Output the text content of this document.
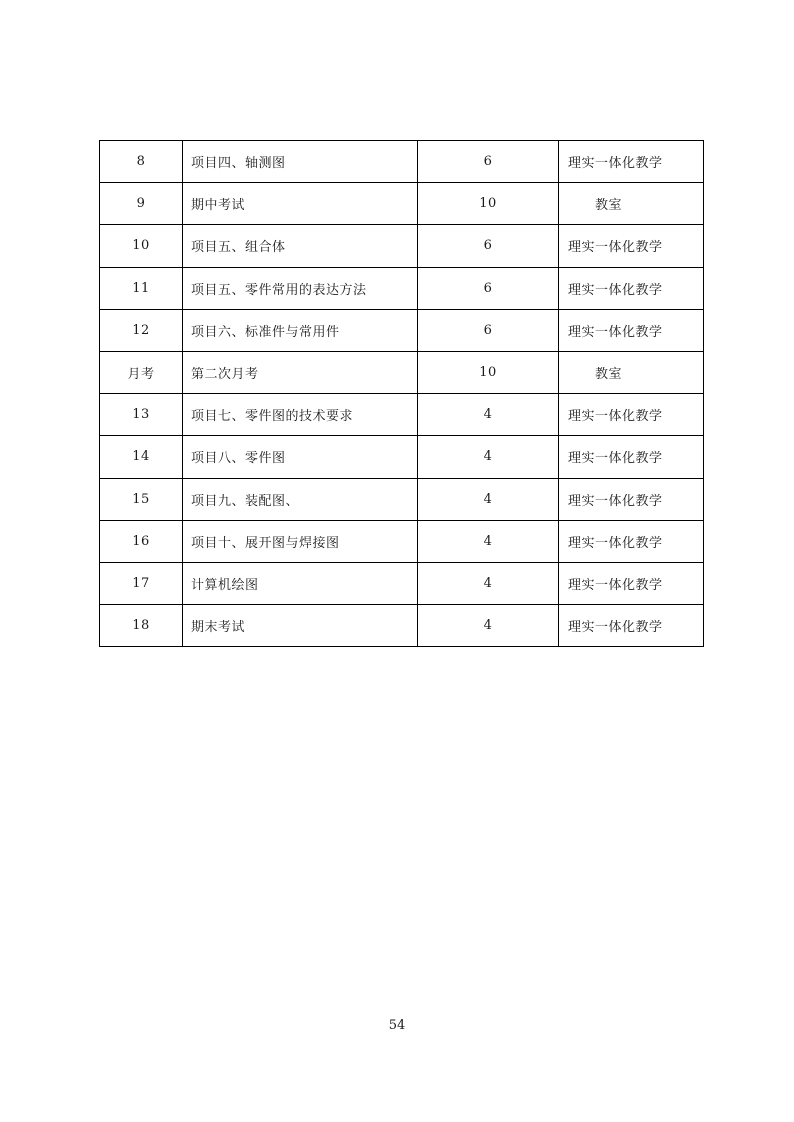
8	项目四、轴测图	6	理实一体化教学
9	期中考试	10	教室
10	项目五、组合体	6	理实一体化教学
11	项目五、零件常用的表达方法	6	理实一体化教学
12	项目六、标准件与常用件	6	理实一体化教学
月考	第二次月考	10	教室
13	项目七、零件图的技术要求	4	理实一体化教学
14	项目八、零件图	4	理实一体化教学
15	项目九、装配图、	4	理实一体化教学
16	项目十、展开图与焊接图	4	理实一体化教学
17	计算机绘图	4	理实一体化教学
18	期末考试	4	理实一体化教学
54
